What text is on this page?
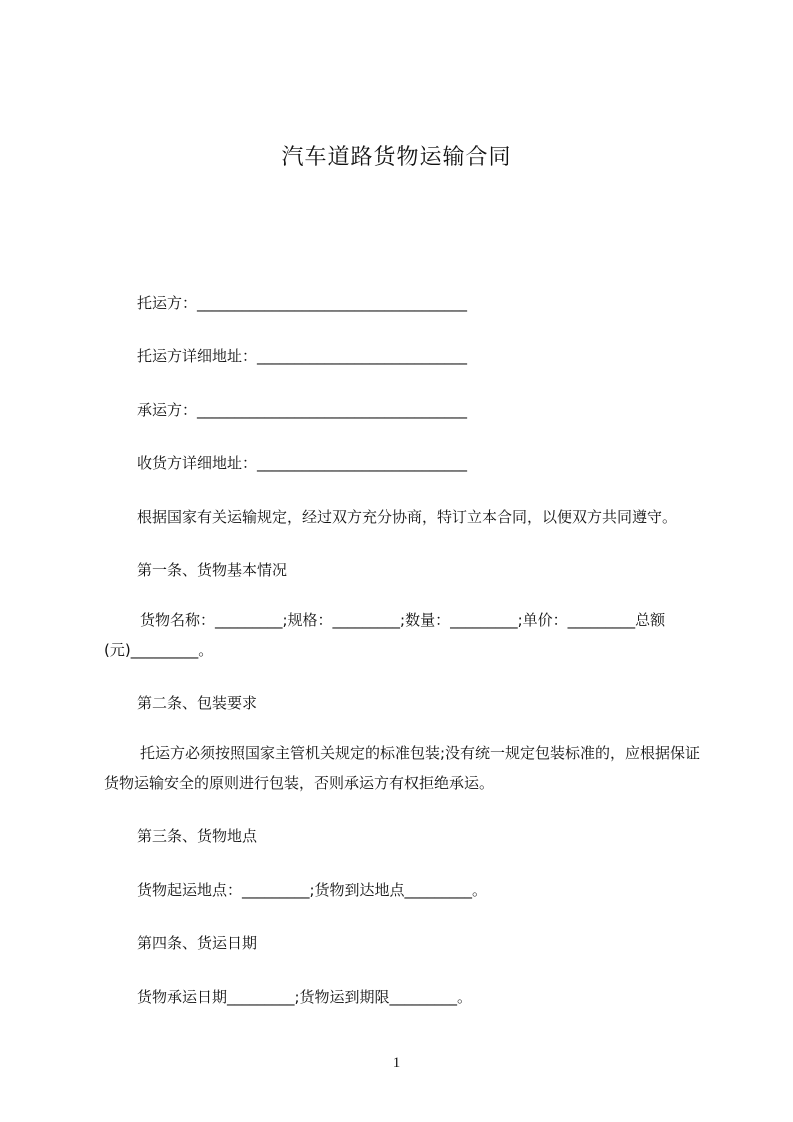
汽车道路货物运输合同
托运方：____________________________________
托运方详细地址：____________________________
承运方：____________________________________
收货方详细地址：____________________________
根据国家有关运输规定，经过双方充分协商，特订立本合同，以便双方共同遵守。
第一条、货物基本情况
货物名称：_________;规格：_________;数量：_________;单价：_________总额(元)_________。
第二条、包装要求
托运方必须按照国家主管机关规定的标准包装;没有统一规定包装标准的，应根据保证货物运输安全的原则进行包装，否则承运方有权拒绝承运。
第三条、货物地点
货物起运地点：_________;货物到达地点_________。
第四条、货运日期
货物承运日期_________;货物运到期限_________。
1
